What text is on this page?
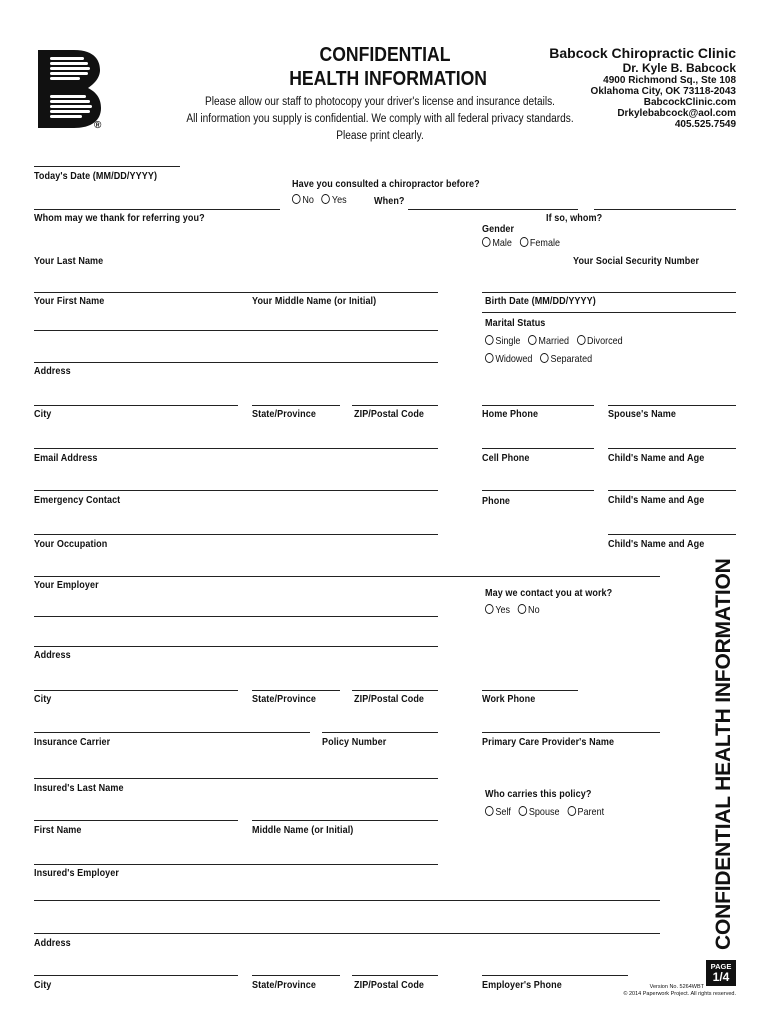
®
CONFIDENTIAL
HEALTH INFORMATION
Please allow our staff to photocopy your driver's license and insurance details.
All information you supply is confidential. We comply with all federal privacy standards.
Please print clearly.
Babcock Chiropractic Clinic
Dr. Kyle B. Babcock
4900 Richmond Sq., Ste 108
Oklahoma City, OK 73118-2043
BabcockClinic.com
Drkylebabcock@aol.com
405.525.7549
Today's Date (MM/DD/YYYY)
Have you consulted a chiropractor before?
No Yes	When?
Whom may we thank for referring you?	If so, whom?
Gender
Male Female
Your Last Name	Your Social Security Number
Your First Name	Your Middle Name (or Initial)	Birth Date (MM/DD/YYYY)
Marital Status
Single Married Divorced
Widowed Separated
Address
City	State/Province	ZIP/Postal Code	Home Phone	Spouse's Name
Email Address	Cell Phone	Child's Name and Age
Emergency Contact	Phone	Child's Name and Age
Your Occupation	Child's Name and Age
Your Employer
May we contact you at work?
Yes No
Address
City	State/Province	ZIP/Postal Code	Work Phone
Insurance Carrier	Policy Number	Primary Care Provider's Name
Insured's Last Name	Who carries this policy?
Self Spouse Parent
First Name	Middle Name (or Initial)
Insured's Employer
Address
City	State/Province	ZIP/Postal Code	Employer's Phone
CONFIDENTIAL HEALTH INFORMATION
PAGE
1/4
Version No. 5264WBT
© 2014 Paperwork Project. All rights reserved.
